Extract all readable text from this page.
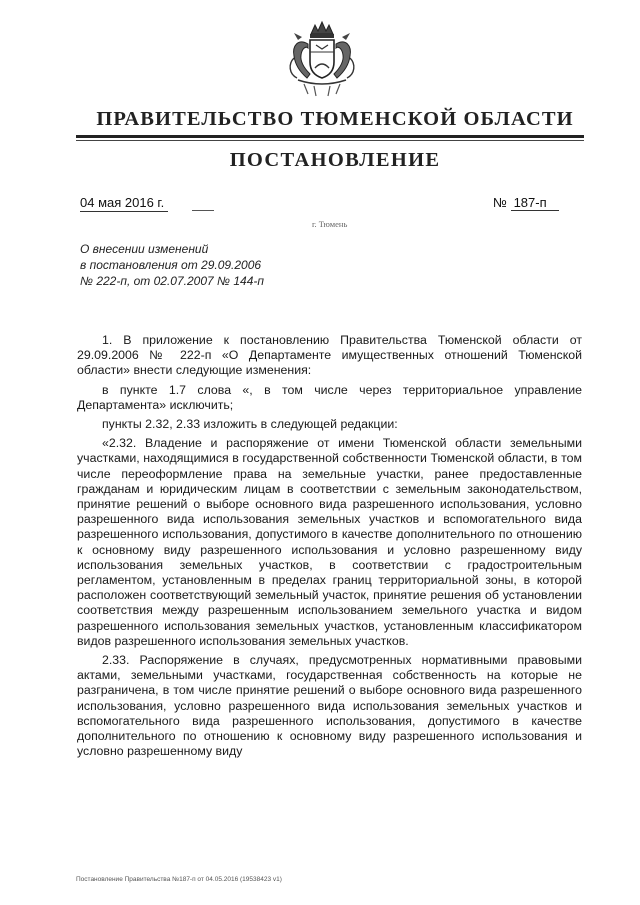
ПРАВИТЕЛЬСТВО ТЮМЕНСКОЙ ОБЛАСТИ
ПОСТАНОВЛЕНИЕ
04 мая 2016 г.	№ 187-п
г. Тюмень
О внесении изменений
в постановления от 29.09.2006
№ 222-п, от 02.07.2007 № 144-п

1. В приложение к постановлению Правительства Тюменской области от 29.09.2006 № 222-п «О Департаменте имущественных отношений Тюменской области» внести следующие изменения:

в пункте 1.7 слова «, в том числе через территориальное управление Департамента» исключить;

пункты 2.32, 2.33 изложить в следующей редакции:

«2.32. Владение и распоряжение от имени Тюменской области земельными участками, находящимися в государственной собственности Тюменской области, в том числе переоформление права на земельные участки, ранее предоставленные гражданам и юридическим лицам в соответствии с земельным законодательством, принятие решений о выборе основного вида разрешенного использования, условно разрешенного вида использования земельных участков и вспомогательного вида разрешенного использования, допустимого в качестве дополнительного по отношению к основному виду разрешенного использования и условно разрешенному виду использования земельных участков, в соответствии с градостроительным регламентом, установленным в пределах границ территориальной зоны, в которой расположен соответствующий земельный участок, принятие решения об установлении соответствия между разрешенным использованием земельного участка и видом разрешенного использования земельных участков, установленным классификатором видов разрешенного использования земельных участков.

2.33. Распоряжение в случаях, предусмотренных нормативными правовыми актами, земельными участками, государственная собственность на которые не разграничена, в том числе принятие решений о выборе основного вида разрешенного использования, условно разрешенного вида использования земельных участков и вспомогательного вида разрешенного использования, допустимого в качестве дополнительного по отношению к основному виду разрешенного использования и условно разрешенному виду

Постановление Правительства №187-п от 04.05.2016 (19538423 v1)
